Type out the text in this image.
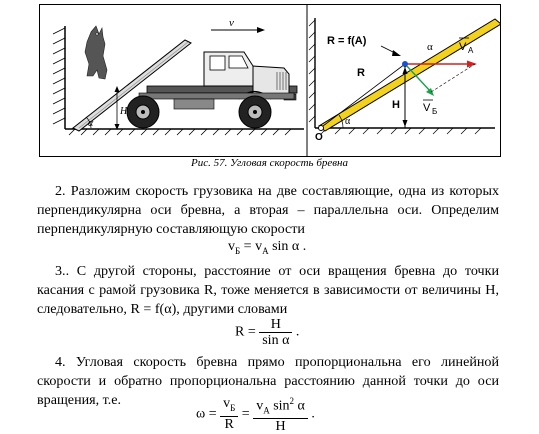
v
H
α
R = f(A)
R
H
α
α
O
V A
V Б
Рис. 57. Угловая скорость бревна
2. Разложим скорость грузовика на две составляющие, одна из которых перпендикулярна оси бревна, а вторая – параллельна оси. Определим перпендикулярную составляющую скорости
$v_Б = v_A$ sin α .
3.. С другой стороны, расстояние от оси вращения бревна до точки касания с рамой грузовика R, тоже меняется в зависимости от величины H, следовательно, R = f(α), другими словами
$R = \frac{H}{\text{sin α}}$ .
4. Угловая скорость бревна прямо пропорциональна его линейной скорости и обратно пропорциональна расстоянию данной точки до оси вращения, т.е.
$\omega = \frac{v_Б}{R} = \frac{v_A \sin^2 \alpha}{H}$ .
